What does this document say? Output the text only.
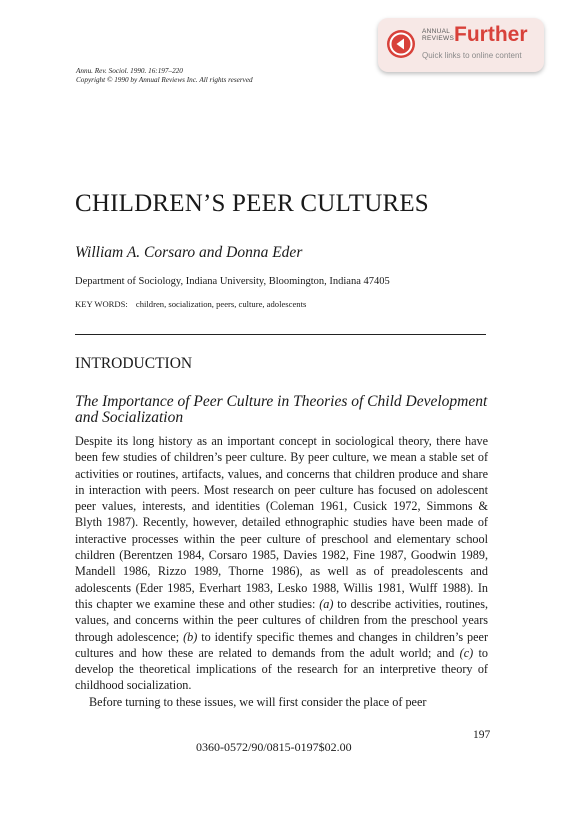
ANNUAL
REVIEWS Further
Quick links to online content
Annu. Rev. Sociol. 1990. 16:197–220
Copyright © 1990 by Annual Reviews Inc. All rights reserved
CHILDREN’S PEER CULTURES
William A. Corsaro and Donna Eder
Department of Sociology, Indiana University, Bloomington, Indiana 47405
KEY WORDS: children, socialization, peers, culture, adolescents
INTRODUCTION
The Importance of Peer Culture in Theories of Child Development and Socialization

Despite its long history as an important concept in sociological theory, there have been few studies of children’s peer culture. By peer culture, we mean a stable set of activities or routines, artifacts, values, and concerns that children produce and share in interaction with peers. Most research on peer culture has focused on adolescent peer values, interests, and identities (Coleman 1961, Cusick 1972, Simmons & Blyth 1987). Recently, however, detailed ethnographic studies have been made of interactive processes within the peer culture of preschool and elementary school children (Berentzen 1984, Corsaro 1985, Davies 1982, Fine 1987, Goodwin 1989, Mandell 1986, Rizzo 1989, Thorne 1986), as well as of preadolescents and adolescents (Eder 1985, Everhart 1983, Lesko 1988, Willis 1981, Wulff 1988). In this chapter we examine these and other studies: (a) to describe activities, routines, values, and concerns within the peer cultures of children from the preschool years through adolescence; (b) to identify specific themes and changes in children’s peer cultures and how these are related to demands from the adult world; and (c) to develop the theoretical implications of the research for an interpretive theory of childhood socialization.

Before turning to these issues, we will first consider the place of peer

197
0360-0572/90/0815-0197$02.00
